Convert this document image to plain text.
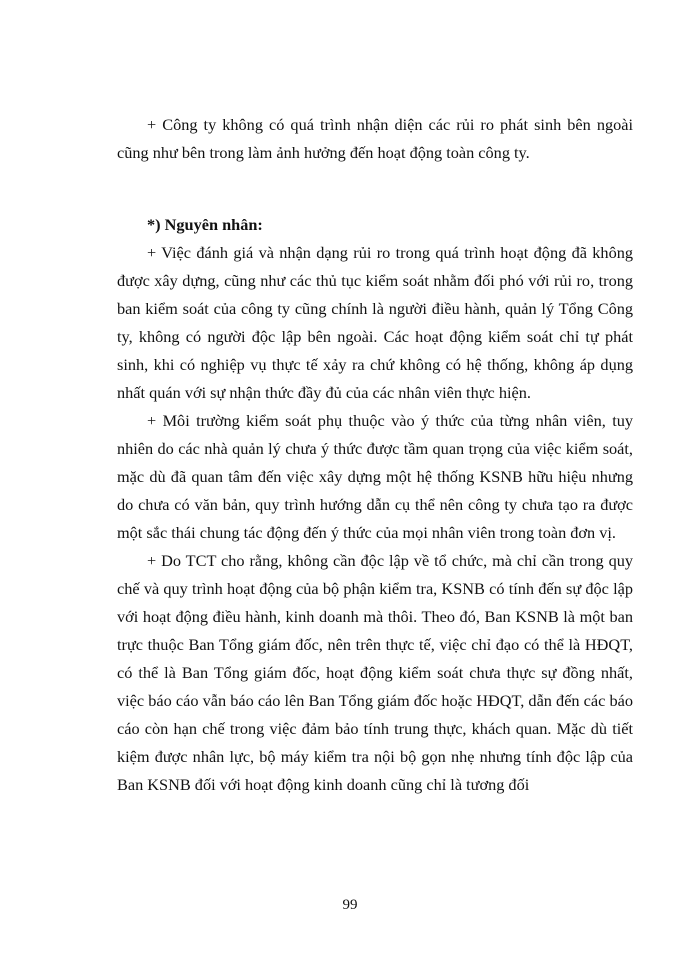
+ Công ty không có quá trình nhận diện các rủi ro phát sinh bên ngoài cũng như bên trong làm ảnh hưởng đến hoạt động toàn công ty.

*) Nguyên nhân:

+ Việc đánh giá và nhận dạng rủi ro trong quá trình hoạt động đã không được xây dựng, cũng như các thủ tục kiểm soát nhằm đối phó với rủi ro, trong ban kiểm soát của công ty cũng chính là người điều hành, quản lý Tổng Công ty, không có người độc lập bên ngoài. Các hoạt động kiểm soát chỉ tự phát sinh, khi có nghiệp vụ thực tế xảy ra chứ không có hệ thống, không áp dụng nhất quán với sự nhận thức đầy đủ của các nhân viên thực hiện.

+ Môi trường kiểm soát phụ thuộc vào ý thức của từng nhân viên, tuy nhiên do các nhà quản lý chưa ý thức được tầm quan trọng của việc kiểm soát, mặc dù đã quan tâm đến việc xây dựng một hệ thống KSNB hữu hiệu nhưng do chưa có văn bản, quy trình hướng dẫn cụ thể nên công ty chưa tạo ra được một sắc thái chung tác động đến ý thức của mọi nhân viên trong toàn đơn vị.

+ Do TCT cho rằng, không cần độc lập về tổ chức, mà chỉ cần trong quy chế và quy trình hoạt động của bộ phận kiểm tra, KSNB có tính đến sự độc lập với hoạt động điều hành, kinh doanh mà thôi. Theo đó, Ban KSNB là một ban trực thuộc Ban Tổng giám đốc, nên trên thực tế, việc chỉ đạo có thể là HĐQT, có thể là Ban Tổng giám đốc, hoạt động kiểm soát chưa thực sự đồng nhất, việc báo cáo vẫn báo cáo lên Ban Tổng giám đốc hoặc HĐQT, dẫn đến các báo cáo còn hạn chế trong việc đảm bảo tính trung thực, khách quan. Mặc dù tiết kiệm được nhân lực, bộ máy kiểm tra nội bộ gọn nhẹ nhưng tính độc lập của Ban KSNB đối với hoạt động kinh doanh cũng chỉ là tương đối

99
